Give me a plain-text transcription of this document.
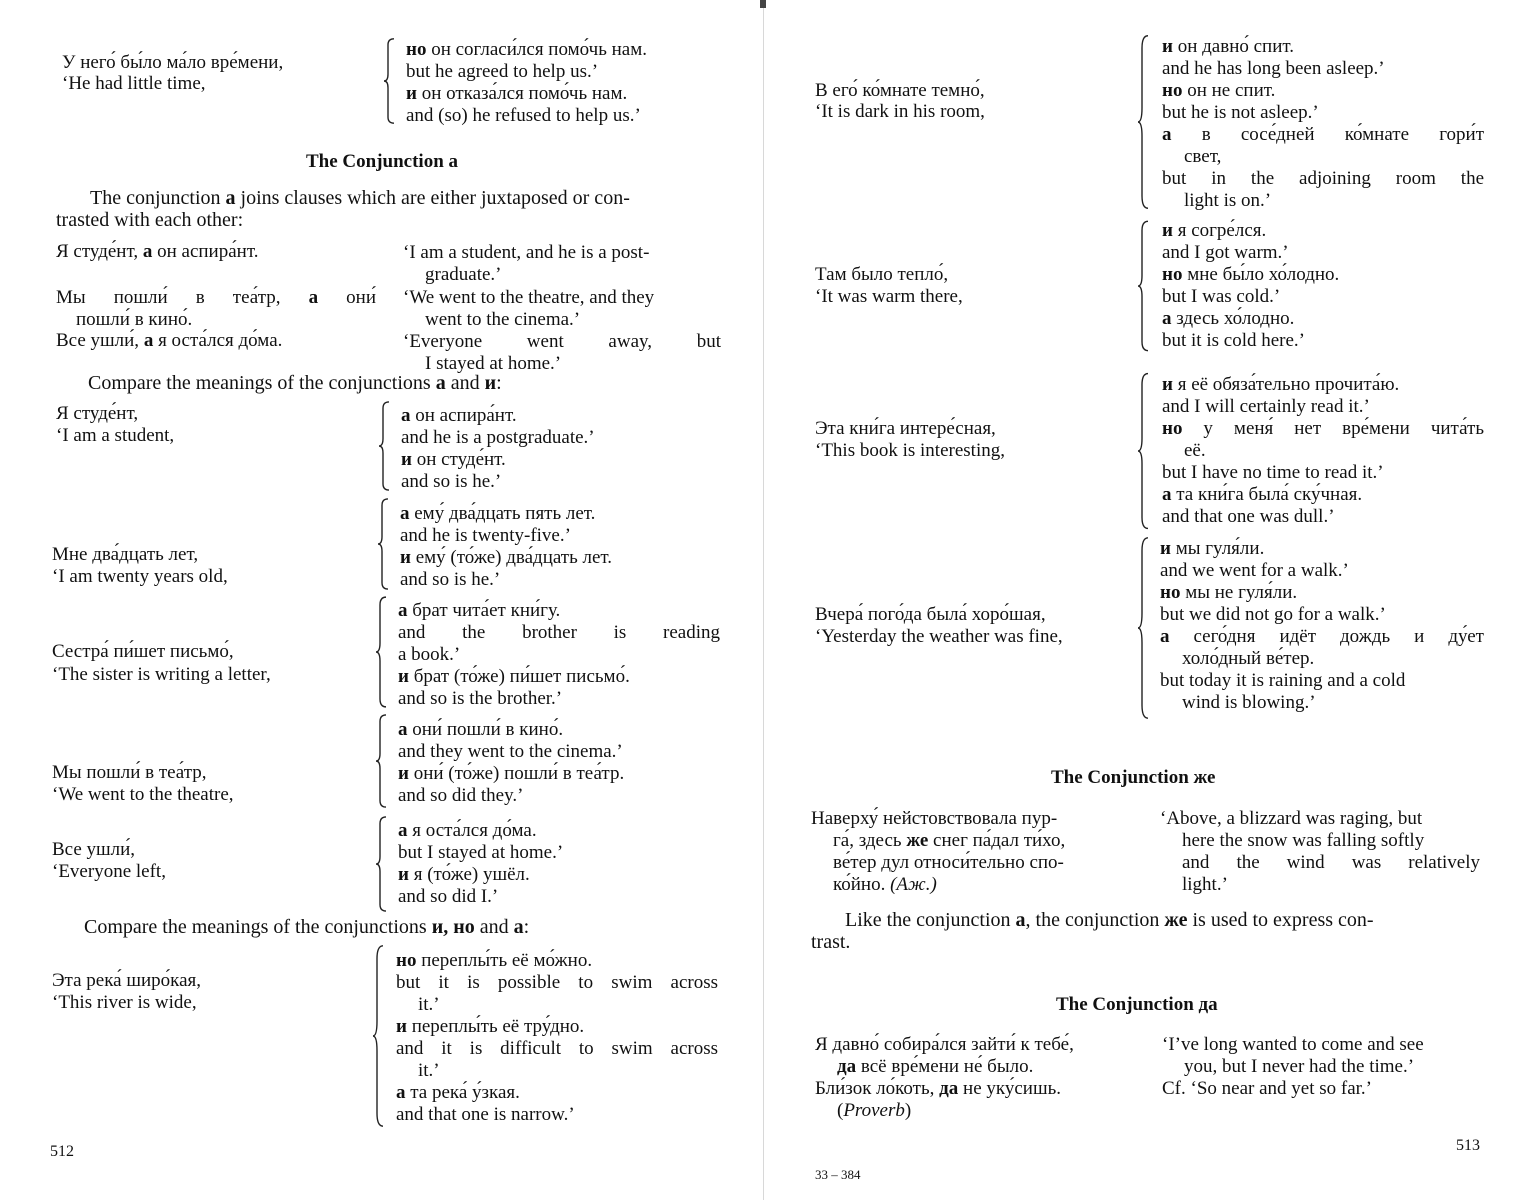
У него́ бы́ло ма́ло вре́мени,
‘He had little time,
но он согласи́лся помо́чь нам.
but he agreed to help us.’
и он отказа́лся помо́чь нам.
and (so) he refused to help us.’
The Conjunction а
The conjunction а joins clauses which are either juxtaposed or con-
trasted with each other:
Я студе́нт, а он аспира́нт.	‘I am a student, and he is a post-
graduate.’
Мы пошли́ в теа́тр, а они́
пошли́ в кино́.
‘We went to the theatre, and they
went to the cinema.’
Все ушли́, а я оста́лся до́ма.	‘Everyone went away, but
I stayed at home.’
Compare the meanings of the conjunctions а and и:
Я студе́нт,
‘I am a student,
а он аспира́нт.
and he is a postgraduate.’
и он студе́нт.
and so is he.’
Мне два́дцать лет,
‘I am twenty years old,
а ему́ два́дцать пять лет.
and he is twenty-five.’
и ему́ (то́же) два́дцать лет.
and so is he.’
Сестра́ пи́шет письмо́,
‘The sister is writing a letter,
а брат чита́ет кни́гу.
and the brother is reading
a book.’
и брат (то́же) пи́шет письмо́.
and so is the brother.’
Мы пошли́ в теа́тр,
‘We went to the theatre,
а они́ пошли́ в кино́.
and they went to the cinema.’
и они́ (то́же) пошли́ в теа́тр.
and so did they.’
Все ушли́,
‘Everyone left,
а я оста́лся до́ма.
but I stayed at home.’
и я (то́же) ушёл.
and so did I.’
Compare the meanings of the conjunctions и, но and а:
Эта река́ широ́кая,
‘This river is wide,
но переплы́ть её мо́жно.
but it is possible to swim across
it.’
и переплы́ть её тру́дно.
and it is difficult to swim across
it.’
а та река́ у́зкая.
and that one is narrow.’
512
В его́ ко́мнате темно́,
‘It is dark in his room,
и он давно́ спит.
and he has long been asleep.’
но он не спит.
but he is not asleep.’
а в сосе́дней ко́мнате гори́т
свет,
but in the adjoining room the
light is on.’
Там было тепло́,
‘It was warm there,
и я согре́лся.
and I got warm.’
но мне бы́ло хо́лодно.
but I was cold.’
а здесь хо́лодно.
but it is cold here.’
Эта кни́га интере́сная,
‘This book is interesting,
и я её обяза́тельно прочита́ю.
and I will certainly read it.’
но у меня́ нет вре́мени чита́ть
её.
but I have no time to read it.’
а та кни́га была́ ску́чная.
and that one was dull.’
Вчера́ пого́да была́ хоро́шая,
‘Yesterday the weather was fine,
и мы гуля́ли.
and we went for a walk.’
но мы не гуля́ли.
but we did not go for a walk.’
а сего́дня идёт дождь и ду́ет
холо́дный ве́тер.
but today it is raining and a cold
wind is blowing.’
The Conjunction же
Наверху́ нейстовствовала пур-
га́, здесь же снег па́дал ти́хо,
ве́тер дул относи́тельно спо-
ко́йно. (Аж.)
‘Above, a blizzard was raging, but
here the snow was falling softly
and the wind was relatively
light.’
Like the conjunction а, the conjunction же is used to express con-
trast.
The Conjunction да
Я давно́ собира́лся зайти́ к тебе́,
да всё вре́мени не́ было.
Бли́зок ло́коть, да не уку́сишь.
(Proverb)
‘I’ve long wanted to come and see
you, but I never had the time.’
Cf. ‘So near and yet so far.’
513
33 – 384
